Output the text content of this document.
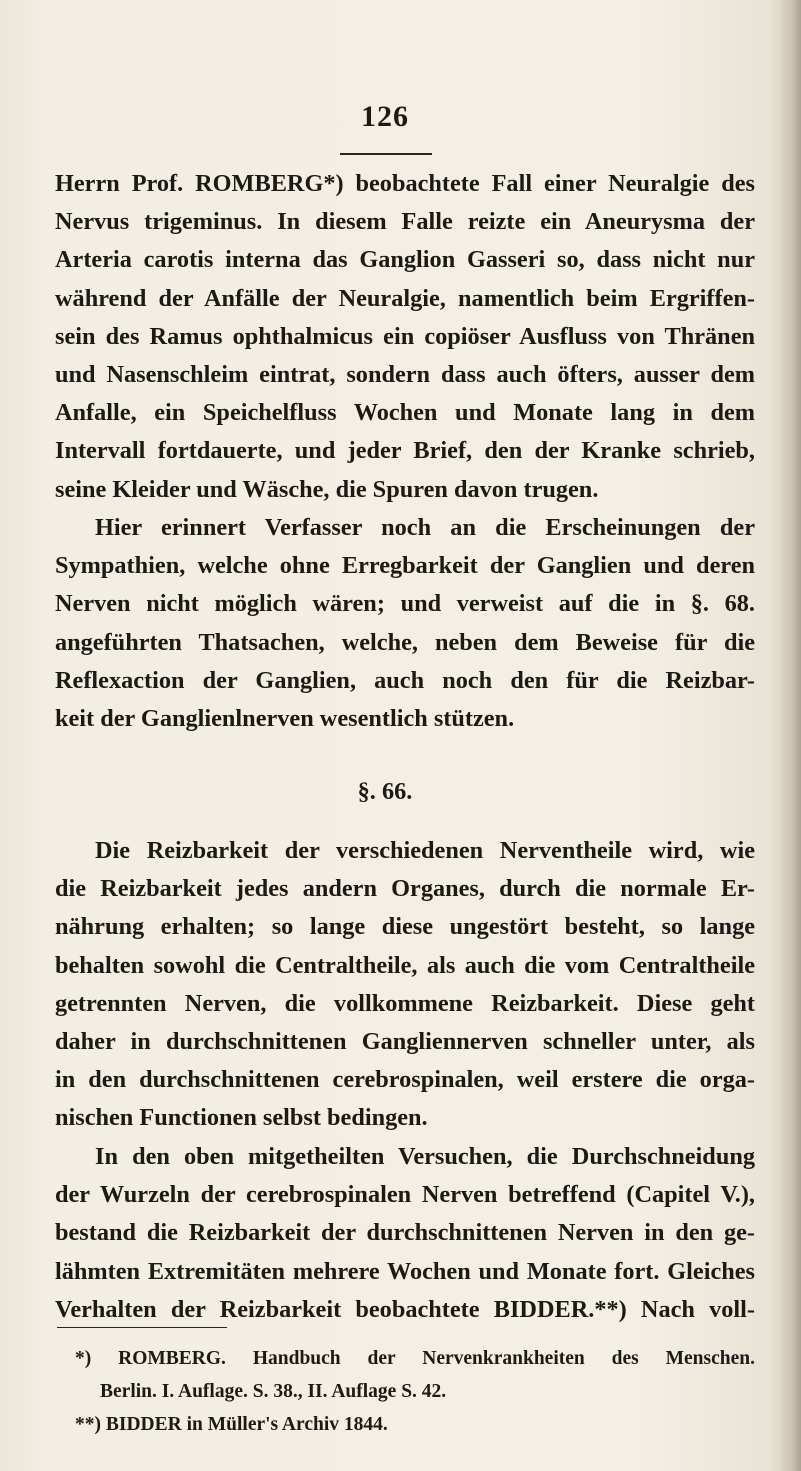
126
Herrn Prof. ROMBERG*) beobachtete Fall einer Neuralgie des
Nervus trigeminus. In diesem Falle reizte ein Aneurysma der
Arteria carotis interna das Ganglion Gasseri so, dass nicht nur
während der Anfälle der Neuralgie, namentlich beim Ergriffen-
sein des Ramus ophthalmicus ein copiöser Ausfluss von Thränen
und Nasenschleim eintrat, sondern dass auch öfters, ausser dem
Anfalle, ein Speichelfluss Wochen und Monate lang in dem
Intervall fortdauerte, und jeder Brief, den der Kranke schrieb,
seine Kleider und Wäsche, die Spuren davon trugen.
Hier erinnert Verfasser noch an die Erscheinungen der
Sympathien, welche ohne Erregbarkeit der Ganglien und deren
Nerven nicht möglich wären; und verweist auf die in §. 68.
angeführten Thatsachen, welche, neben dem Beweise für die
Reflexaction der Ganglien, auch noch den für die Reizbar-
keit der Ganglienlnerven wesentlich stützen.
§. 66.
Die Reizbarkeit der verschiedenen Nerventheile wird, wie
die Reizbarkeit jedes andern Organes, durch die normale Er-
nährung erhalten; so lange diese ungestört besteht, so lange
behalten sowohl die Centraltheile, als auch die vom Centraltheile
getrennten Nerven, die vollkommene Reizbarkeit. Diese geht
daher in durchschnittenen Gangliennerven schneller unter, als
in den durchschnittenen cerebrospinalen, weil erstere die orga-
nischen Functionen selbst bedingen.
In den oben mitgetheilten Versuchen, die Durchschneidung
der Wurzeln der cerebrospinalen Nerven betreffend (Capitel V.),
bestand die Reizbarkeit der durchschnittenen Nerven in den ge-
lähmten Extremitäten mehrere Wochen und Monate fort. Gleiches
Verhalten der Reizbarkeit beobachtete BIDDER.**) Nach voll-
*) ROMBERG. Handbuch der Nervenkrankheiten des Menschen.
Berlin. I. Auflage. S. 38., II. Auflage S. 42.
**) BIDDER in Müller's Archiv 1844.
